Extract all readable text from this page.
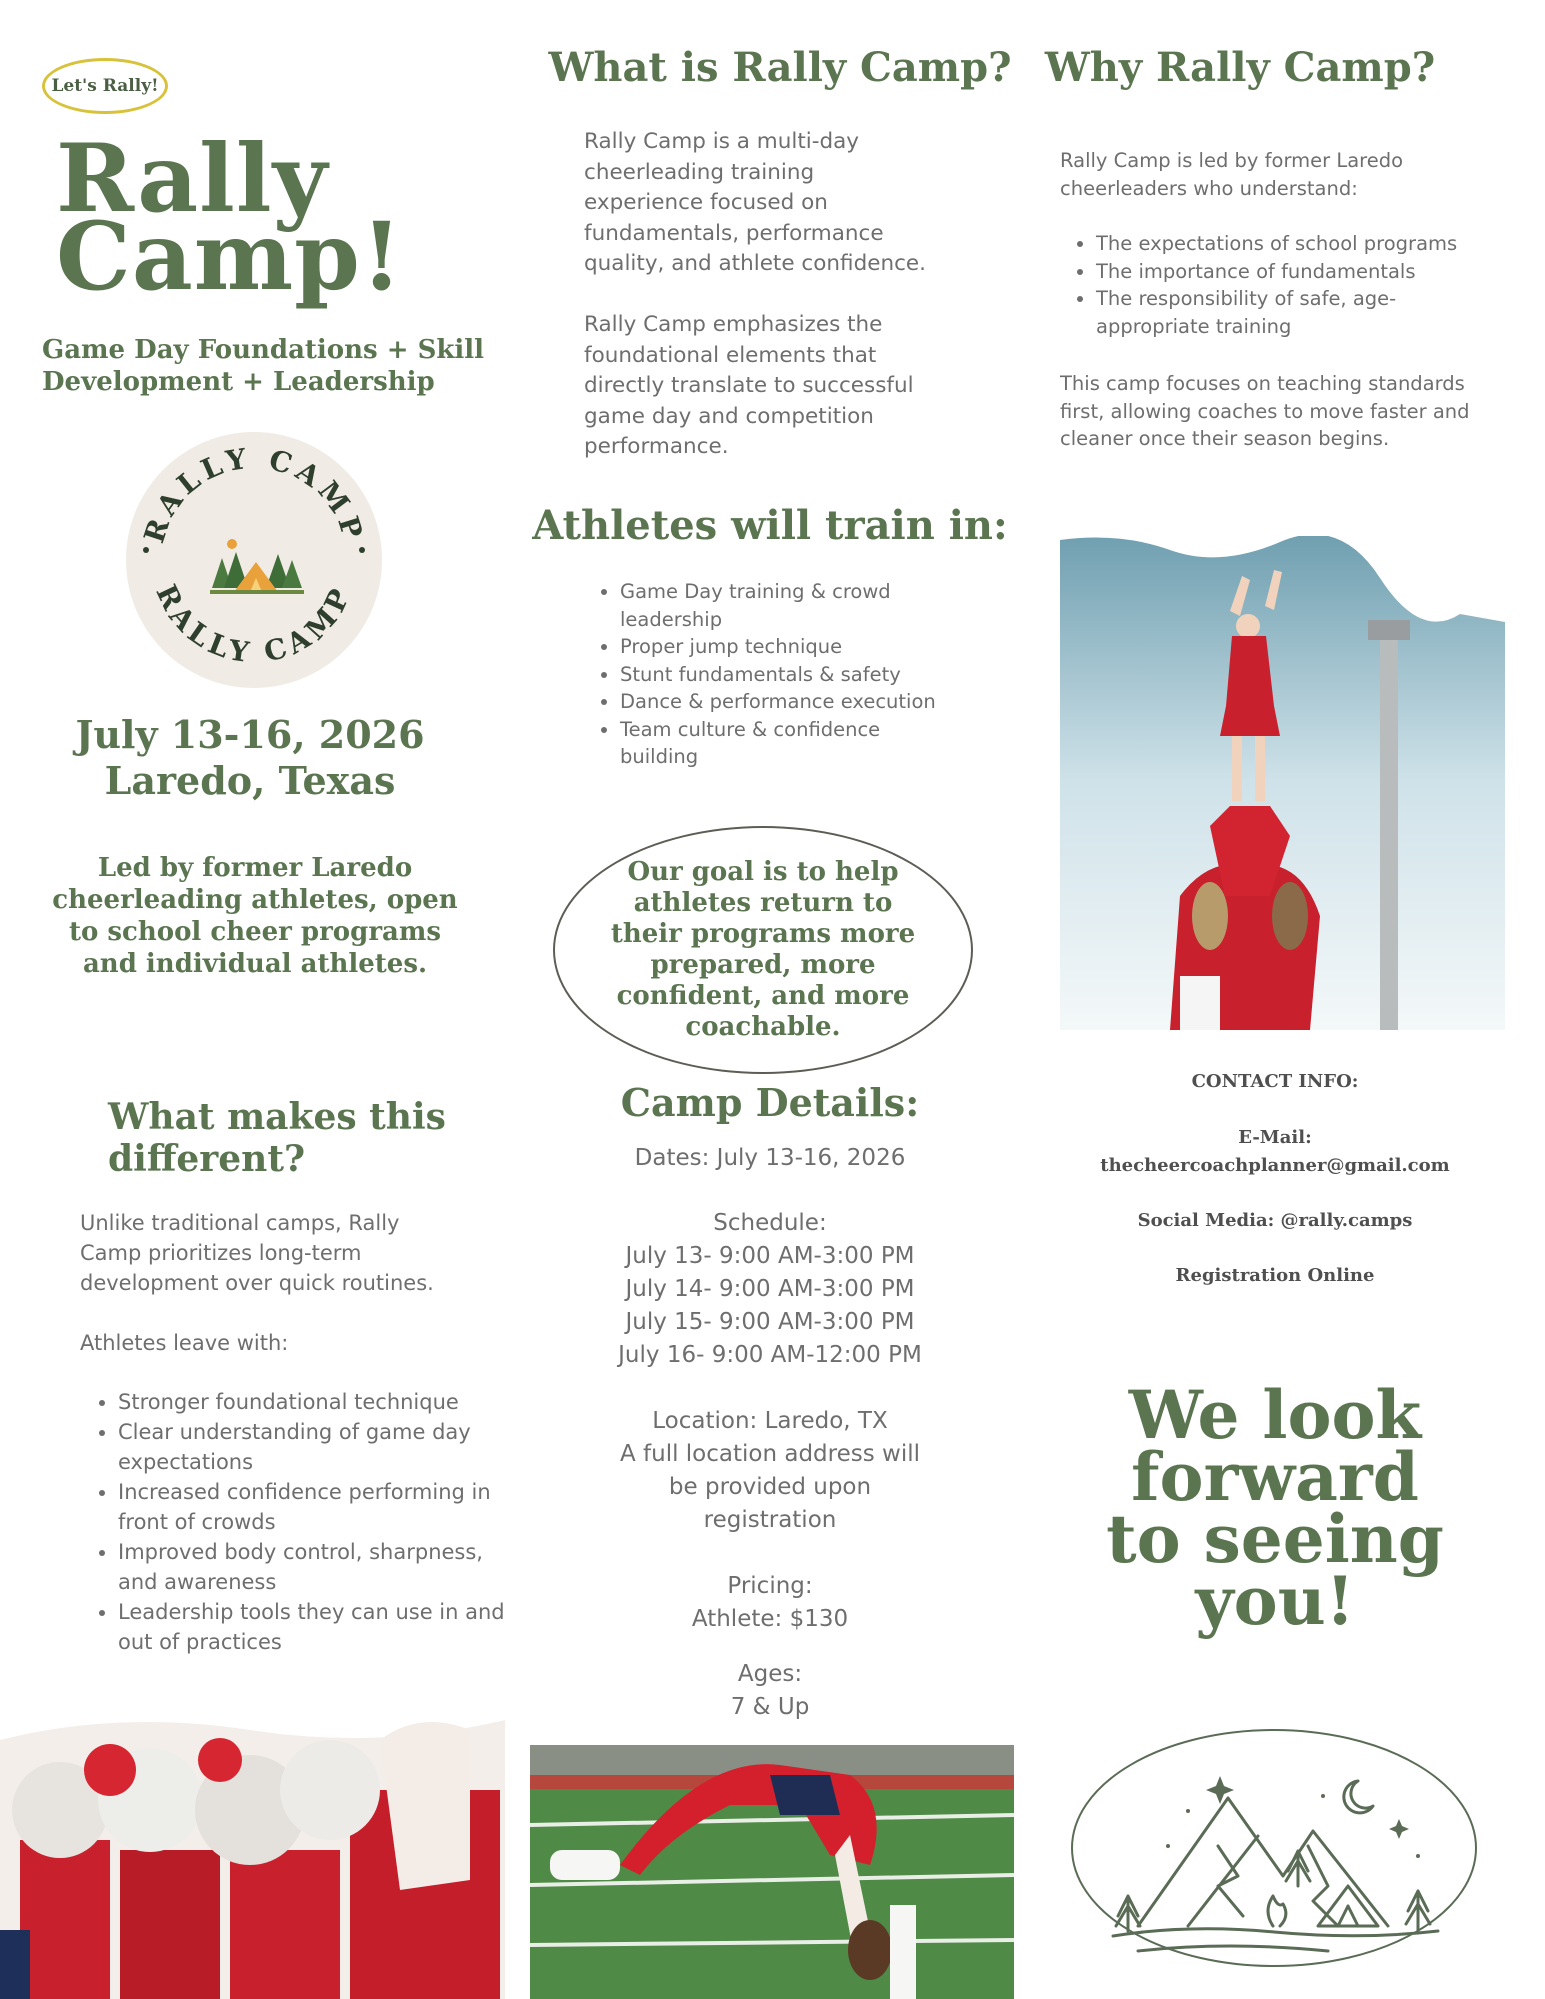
Let's Rally!
Rally
Camp!
Game Day Foundations + Skill
Development + Leadership
RALLY CAMP
RALLY CAMP
July 13-16, 2026
Laredo, Texas
Led by former Laredo cheerleading athletes, open to school cheer programs and individual athletes.
What makes this different?
Unlike traditional camps, Rally Camp prioritizes long-term development over quick routines.
Athletes leave with:
• Stronger foundational technique
• Clear understanding of game day expectations
• Increased confidence performing in front of crowds
• Improved body control, sharpness, and awareness
• Leadership tools they can use in and out of practices
What is Rally Camp?
Rally Camp is a multi-day cheerleading training experience focused on fundamentals, performance quality, and athlete confidence.
Rally Camp emphasizes the foundational elements that directly translate to successful game day and competition performance.
Athletes will train in:
• Game Day training & crowd leadership
• Proper jump technique
• Stunt fundamentals & safety
• Dance & performance execution
• Team culture & confidence building
Our goal is to help athletes return to their programs more prepared, more confident, and more coachable.
Camp Details:
Dates: July 13-16, 2026
Schedule:
July 13- 9:00 AM-3:00 PM
July 14- 9:00 AM-3:00 PM
July 15- 9:00 AM-3:00 PM
July 16- 9:00 AM-12:00 PM
Location: Laredo, TX
A full location address will be provided upon registration
Pricing:
Athlete: $130
Ages:
7 & Up
Why Rally Camp?
Rally Camp is led by former Laredo cheerleaders who understand:
• The expectations of school programs
• The importance of fundamentals
• The responsibility of safe, age-appropriate training
This camp focuses on teaching standards first, allowing coaches to move faster and cleaner once their season begins.
CONTACT INFO:
E-Mail:
thecheercoachplanner@gmail.com
Social Media: @rally.camps
Registration Online
We look
forward
to seeing
you!
